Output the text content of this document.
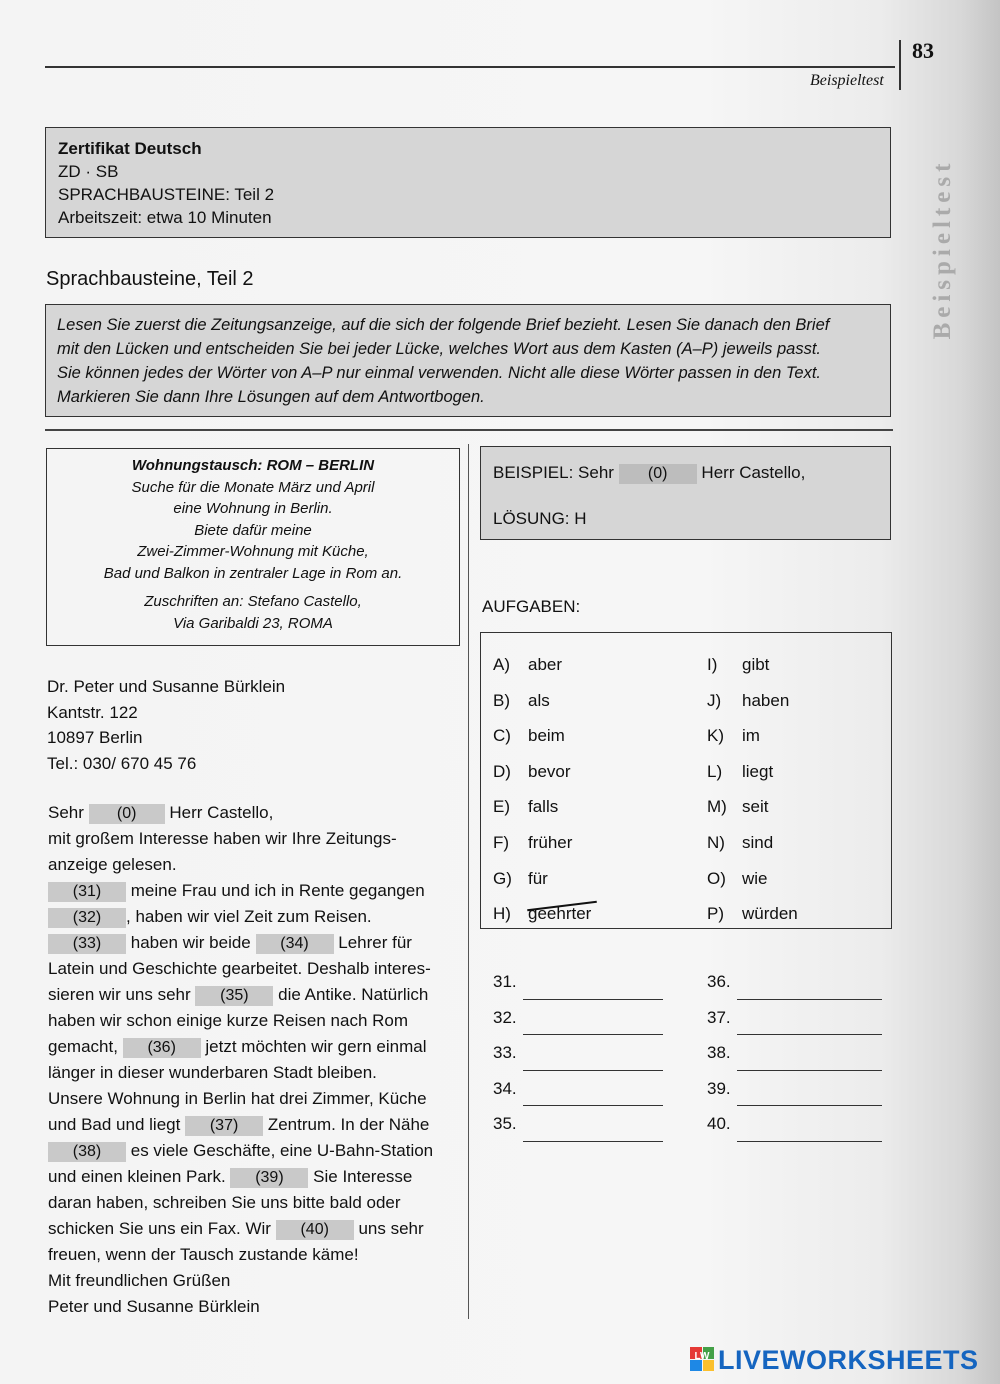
83
Beispieltest
Beispieltest
Zertifikat Deutsch
ZD · SB
SPRACHBAUSTEINE: Teil 2
Arbeitszeit: etwa 10 Minuten
Sprachbausteine, Teil 2
Lesen Sie zuerst die Zeitungsanzeige, auf die sich der folgende Brief bezieht. Lesen Sie danach den Brief
mit den Lücken und entscheiden Sie bei jeder Lücke, welches Wort aus dem Kasten (A–P) jeweils passt.
Sie können jedes der Wörter von A–P nur einmal verwenden. Nicht alle diese Wörter passen in den Text.
Markieren Sie dann Ihre Lösungen auf dem Antwortbogen.
Wohnungstausch: ROM – BERLIN
Suche für die Monate März und April
eine Wohnung in Berlin.
Biete dafür meine
Zwei-Zimmer-Wohnung mit Küche,
Bad und Balkon in zentraler Lage in Rom an.
Zuschriften an: Stefano Castello,
Via Garibaldi 23, ROMA
Dr. Peter und Susanne Bürklein
Kantstr. 122
10897 Berlin
Tel.: 030/ 670 45 76
Sehr (0) Herr Castello,
mit großem Interesse haben wir Ihre Zeitungs-
anzeige gelesen.
(31) meine Frau und ich in Rente gegangen
(32) , haben wir viel Zeit zum Reisen.
(33) haben wir beide (34) Lehrer für
Latein und Geschichte gearbeitet. Deshalb interes-
sieren wir uns sehr (35) die Antike. Natürlich
haben wir schon einige kurze Reisen nach Rom
gemacht, (36) jetzt möchten wir gern einmal
länger in dieser wunderbaren Stadt bleiben.
Unsere Wohnung in Berlin hat drei Zimmer, Küche
und Bad und liegt (37) Zentrum. In der Nähe
(38) es viele Geschäfte, eine U-Bahn-Station
und einen kleinen Park. (39) Sie Interesse
daran haben, schreiben Sie uns bitte bald oder
schicken Sie uns ein Fax. Wir (40) uns sehr
freuen, wenn der Tausch zustande käme!
Mit freundlichen Grüßen
Peter und Susanne Bürklein
BEISPIEL: Sehr (0) Herr Castello,
LÖSUNG: H
AUFGABEN:
A) aber
B) als
C) beim
D) bevor
E) falls
F) früher
G) für
H) geehrter
I) gibt
J) haben
K) im
L) liegt
M) seit
N) sind
O) wie
P) würden
31.
32.
33.
34.
35.
36.
37.
38.
39.
40.
LW LIVEWORKSHEETS
